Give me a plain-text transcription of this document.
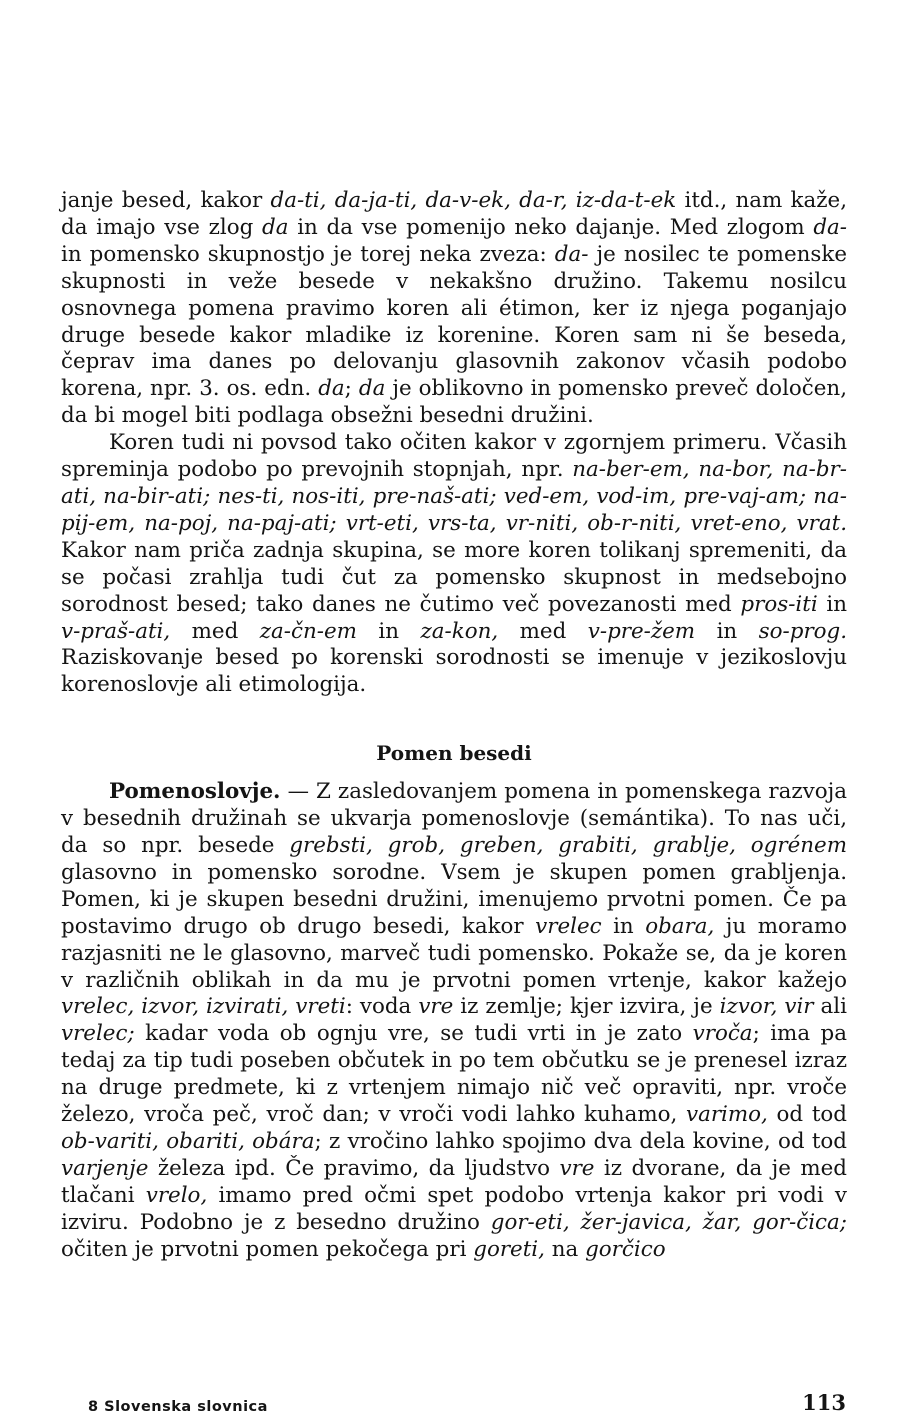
janje besed, kakor da-ti, da-ja-ti, da-v-ek, da-r, iz-da-t-ek itd., nam kaže, da imajo vse zlog da in da vse pomenijo neko dajanje. Med zlogom da- in pomensko skupnostjo je torej neka zveza: da- je nosilec te pomenske skupnosti in veže besede v nekakšno družino. Takemu nosilcu osnovnega pomena pravimo koren ali étimon, ker iz njega poganjajo druge besede kakor mladike iz korenine. Koren sam ni še beseda, čeprav ima danes po delovanju glasovnih zakonov včasih podobo korena, npr. 3. os. edn. da; da je oblikovno in pomensko preveč določen, da bi mogel biti podlaga obsežni besedni družini.

Koren tudi ni povsod tako očiten kakor v zgornjem primeru. Včasih spreminja podobo po prevojnih stopnjah, npr. na-ber-em, na-bor, na-br-ati, na-bir-ati; nes-ti, nos-iti, pre-naš-ati; ved-em, vod-im, pre-vaj-am; na-pij-em, na-poj, na-paj-ati; vrt-eti, vrs-ta, vr-niti, ob-r-niti, vret-eno, vrat. Kakor nam priča zadnja skupina, se more koren tolikanj spremeniti, da se počasi zrahlja tudi čut za pomensko skupnost in medsebojno sorodnost besed; tako danes ne čutimo več povezanosti med pros-iti in v-praš-ati, med za-čn-em in za-kon, med v-pre-žem in so-prog. Raziskovanje besed po korenski sorodnosti se imenuje v jezikoslovju korenoslovje ali etimologija.

Pomen besedi

Pomenoslovje. — Z zasledovanjem pomena in pomenskega razvoja v besednih družinah se ukvarja pomenoslovje (semántika). To nas uči, da so npr. besede grebsti, grob, greben, grabiti, grablje, ogrénem glasovno in pomensko sorodne. Vsem je skupen pomen grabljenja. Pomen, ki je skupen besedni družini, imenujemo prvotni pomen. Če pa postavimo drugo ob drugo besedi, kakor vrelec in obara, ju moramo razjasniti ne le glasovno, marveč tudi pomensko. Pokaže se, da je koren v različnih oblikah in da mu je prvotni pomen vrtenje, kakor kažejo vrelec, izvor, izvirati, vreti: voda vre iz zemlje; kjer izvira, je izvor, vir ali vrelec; kadar voda ob ognju vre, se tudi vrti in je zato vroča; ima pa tedaj za tip tudi poseben občutek in po tem občutku se je prenesel izraz na druge predmete, ki z vrtenjem nimajo nič več opraviti, npr. vroče železo, vroča peč, vroč dan; v vroči vodi lahko kuhamo, varimo, od tod ob-variti, obariti, obára; z vročino lahko spojimo dva dela kovine, od tod varjenje železa ipd. Če pravimo, da ljudstvo vre iz dvorane, da je med tlačani vrelo, imamo pred očmi spet podobo vrtenja kakor pri vodi v izviru. Podobno je z besedno družino gor-eti, žer-javica, žar, gor-čica; očiten je prvotni pomen pekočega pri goreti, na gorčico

8 Slovenska slovnica	113
